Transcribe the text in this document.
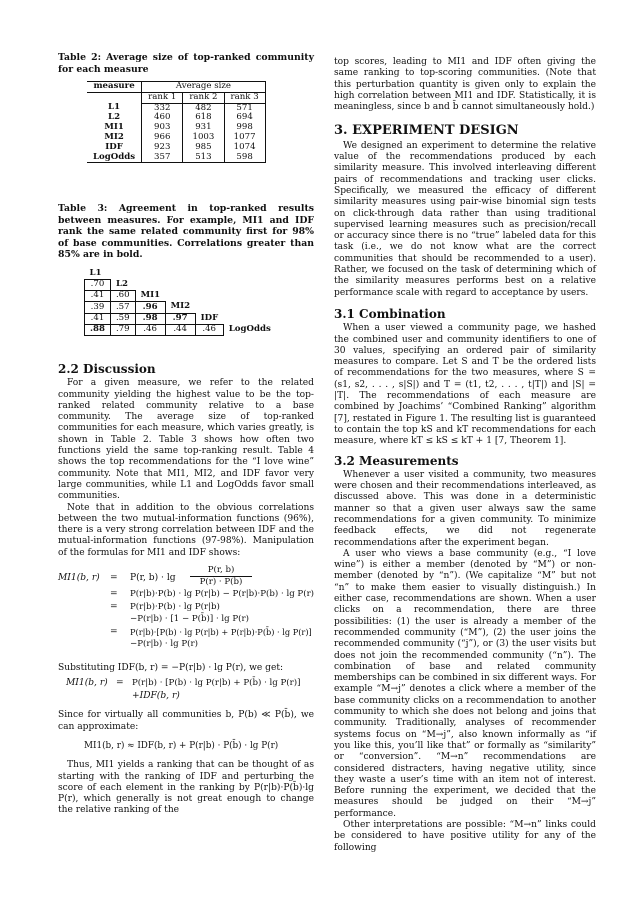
Table 2: Average size of top-ranked community for each measure

measure	Average size		
	rank 1	rank 2	rank 3
L1	332	482	571
L2	460	618	694
MI1	903	931	998
MI2	966	1003	1077
IDF	923	985	1074
LogOdds	357	513	598

Table 3: Agreement in top-ranked results between measures. For example, MI1 and IDF rank the same related community first for 98% of base communities. Correlations greater than 85% are in bold.

L1					
.70	L2				
.41	.60	MI1			
.39	.57	.96	MI2		
.41	.59	.98	.97	IDF	
.88	.79	.46	.44	.46	LogOdds
2.2 Discussion

For a given measure, we refer to the related community yielding the highest value to be the top-ranked related community relative to a base community. The average size of top-ranked communities for each measure, which varies greatly, is shown in Table 2. Table 3 shows how often two functions yield the same top-ranking result. Table 4 shows the top recommendations for the “I love wine” community. Note that MI1, MI2, and IDF favor very large communities, while L1 and LogOdds favor small communities.

Note that in addition to the obvious correlations between the two mutual-information functions (96%), there is a very strong correlation between IDF and the mutual-information functions (97-98%). Manipulation of the formulas for MI1 and IDF shows:

MI1(b, r) = P(r, $b) \cdot \lg \frac{P(r, b)}{P(r) \cdot P(b)}$
= P(r|b)·P(b) · lg P(r|b) − P(r|b)·P(b) · lg P(r)
= P(r|b)·P(b) · lg P(r|b)
−P(r|b) · [1 − P(b̄)] · lg P(r)
= P(r|b)·[P(b) · lg P(r|b) + P(r|b)·P(b̄) · lg P(r)]
−P(r|b) · lg P(r)

Substituting IDF(b, r) = −P(r|b) · lg P(r), we get:

MI1(b, r) = P(r|b) · [P(b) · lg P(r|b) + P(b̄) · lg P(r)]
+IDF(b, r)

Since for virtually all communities b, P(b) ≪ P(b̄), we can approximate:

MI1(b, r) ≈ IDF(b, r) + P(r|b) · P(b̄) · lg P(r)

Thus, MI1 yields a ranking that can be thought of as starting with the ranking of IDF and perturbing the score of each element in the ranking by P(r|b)·P(b̄)·lg P(r), which generally is not great enough to change the relative ranking of the

top scores, leading to MI1 and IDF often giving the same ranking to top-scoring communities. (Note that this perturbation quantity is given only to explain the high correlation between MI1 and IDF. Statistically, it is meaningless, since b and b̄ cannot simultaneously hold.)

3. EXPERIMENT DESIGN

We designed an experiment to determine the relative value of the recommendations produced by each similarity measure. This involved interleaving different pairs of recommendations and tracking user clicks. Specifically, we measured the efficacy of different similarity measures using pair-wise binomial sign tests on click-through data rather than using traditional supervised learning measures such as precision/recall or accuracy since there is no “true” labeled data for this task (i.e., we do not know what are the correct communities that should be recommended to a user). Rather, we focused on the task of determining which of the similarity measures performs best on a relative performance scale with regard to acceptance by users.

3.1 Combination

When a user viewed a community page, we hashed the combined user and community identifiers to one of 30 values, specifying an ordered pair of similarity measures to compare. Let S and T be the ordered lists of recommendations for the two measures, where S = (s1, s2, . . . , s|S|) and T = (t1, t2, . . . , t|T|) and |S| = |T|. The recommendations of each measure are combined by Joachims’ “Combined Ranking” algorithm [7], restated in Figure 1. The resulting list is guaranteed to contain the top kS and kT recommendations for each measure, where kT ≤ kS ≤ kT + 1 [7, Theorem 1].

3.2 Measurements

Whenever a user visited a community, two measures were chosen and their recommendations interleaved, as discussed above. This was done in a deterministic manner so that a given user always saw the same recommendations for a given community. To minimize feedback effects, we did not regenerate recommendations after the experiment began.

A user who views a base community (e.g., “I love wine”) is either a member (denoted by “M”) or non-member (denoted by “n”). (We capitalize “M” but not “n” to make them easier to visually distinguish.) In either case, recommendations are shown. When a user clicks on a recommendation, there are three possibilities: (1) the user is already a member of the recommended community (“M”), (2) the user joins the recommended community (“j”), or (3) the user visits but does not join the recommended community (“n”). The combination of base and related community memberships can be combined in six different ways. For example “M→j” denotes a click where a member of the base community clicks on a recommendation to another community to which she does not belong and joins that community. Traditionally, analyses of recommender systems focus on “M→j”, also known informally as “if you like this, you’ll like that” or formally as “similarity” or “conversion”. “M→n” recommendations are considered distracters, having negative utility, since they waste a user’s time with an item not of interest. Before running the experiment, we decided that the measures should be judged on their “M→j” performance.

Other interpretations are possible: “M→n” links could be considered to have positive utility for any of the following
